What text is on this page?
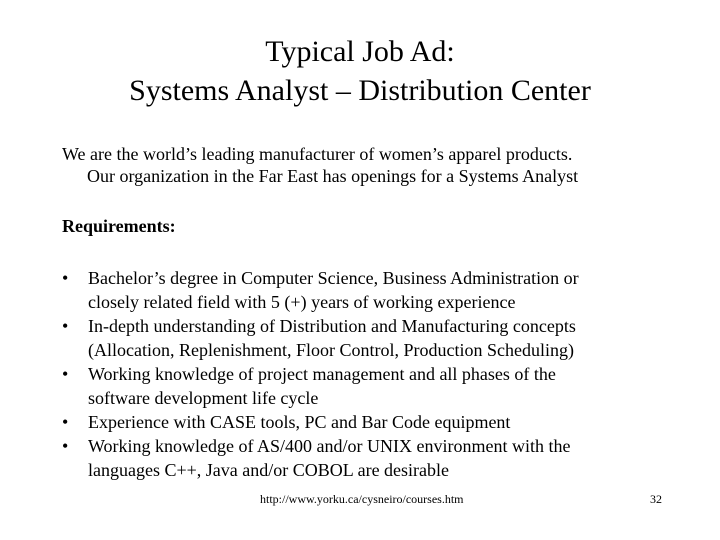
Typical Job Ad:
Systems Analyst – Distribution Center
We are the world’s leading manufacturer of women’s apparel products.
Our organization in the Far East has openings for a Systems Analyst
Requirements:
• Bachelor’s degree in Computer Science, Business Administration or
closely related field with 5 (+) years of working experience
• In-depth understanding of Distribution and Manufacturing concepts
(Allocation, Replenishment, Floor Control, Production Scheduling)
• Working knowledge of project management and all phases of the
software development life cycle
• Experience with CASE tools, PC and Bar Code equipment
• Working knowledge of AS/400 and/or UNIX environment with the
languages C++, Java and/or COBOL are desirable
http://www.yorku.ca/cysneiro/courses.htm	32
